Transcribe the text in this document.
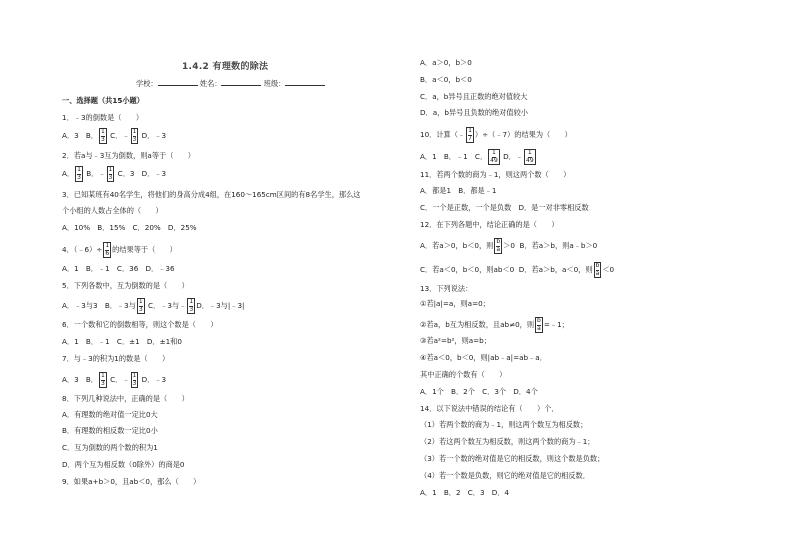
1.4.2 有理数的除法
学校：	姓名：	班级：
一、选择题（共15小题）
1．﹣3的倒数是（　　）
A．3　B． $\frac{1}{3}$ C．﹣ $\frac{1}{3}$ D．﹣3
2．若a与﹣3互为倒数，则a等于（　　）
A． $\frac{1}{3}$ B．﹣ $\frac{1}{3}$ C．3　D．﹣3
3．已知某班有40名学生，将他们的身高分成4组，在160～165cm区间的有8名学生，那么这
个小组的人数占全体的（　　）
A．10%　B．15%　C．20%　D．25%
4．（﹣6）÷ $\frac{1}{6}$ 的结果等于（　　）
A．1　B．﹣1　C．36　D．﹣36
5．下列各数中，互为倒数的是（　　）
A．﹣3与3　B．﹣3与 $\frac{1}{3}$ C．﹣3与﹣ $\frac{1}{3}$ D．﹣3与|﹣3|
6．一个数和它的倒数相等，则这个数是（　　）
A．1　B．﹣1　C．±1　D．±1和0
7．与﹣3的积为1的数是（　　）
A．3　B． $\frac{1}{3}$ C．﹣ $\frac{1}{3}$ D．﹣3
8．下列几种说法中，正确的是（　　）
A．有理数的绝对值一定比0大
B．有理数的相反数一定比0小
C．互为倒数的两个数的积为1
D．两个互为相反数（0除外）的商是0
9．如果a+b＞0，且ab＜0，那么（　　）
A．a＞0，b＞0
B．a＜0，b＜0
C．a，b异号且正数的绝对值较大
D．a，b异号且负数的绝对值较小
10．计算（﹣ $\frac{1}{7}$ ）÷（﹣7）的结果为（　　）
A．1　B．﹣1　C． $\frac{1}{49}$ D．﹣ $\frac{1}{49}$
11．若两个数的商为﹣1，则这两个数（　　）
A．都是1　B．都是﹣1
C．一个是正数，一个是负数　D．是一对非零相反数
12．在下列各题中，结论正确的是（　　）
A．若a＞0，b＜0，则 $\frac{b}{a} >0$ B．若a＞b，则a﹣b＞0
C．若a＜0，b＜0，则ab＜0 D．若a＞b，a＜0，则 $\frac{b}{a} <0$
13．下列说法：
①若|a|=a，则a=0；
②若a，b互为相反数，且ab≠0，则 $\frac{b}{a}$ =﹣1；
③若a²=b²，则a=b；
④若a＜0，b＜0，则|ab﹣a|=ab﹣a．
其中正确的个数有（　　）
A．1个　B．2个　C．3个　D．4个
14．以下说法中错误的结论有（　　）个．
（1）若两个数的商为﹣1，则这两个数互为相反数；
（2）若这两个数互为相反数，则这两个数的商为﹣1；
（3）若一个数的绝对值是它的相反数，则这个数是负数；
（4）若一个数是负数，则它的绝对值是它的相反数．
A．1　B．2　C．3　D．4
